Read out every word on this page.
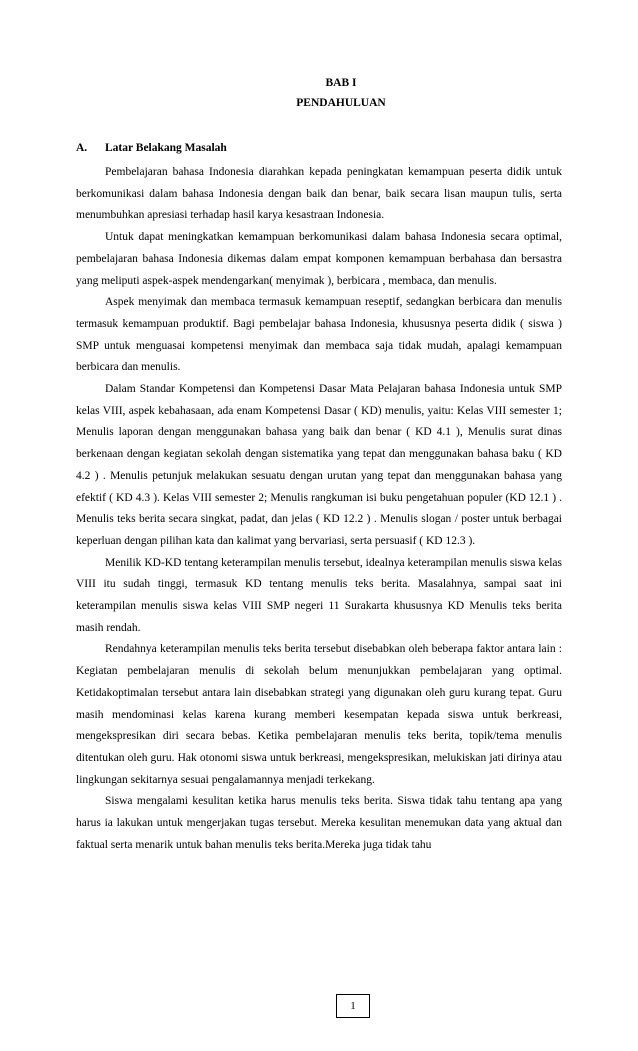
BAB I
PENDAHULUAN
A. Latar Belakang Masalah

Pembelajaran bahasa Indonesia diarahkan kepada peningkatan kemampuan peserta didik untuk berkomunikasi dalam bahasa Indonesia dengan baik dan benar, baik secara lisan maupun tulis, serta menumbuhkan apresiasi terhadap hasil karya kesastraan Indonesia.

Untuk dapat meningkatkan kemampuan berkomunikasi dalam bahasa Indonesia secara optimal, pembelajaran bahasa Indonesia dikemas dalam empat komponen kemampuan berbahasa dan bersastra yang meliputi aspek-aspek mendengarkan( menyimak ), berbicara , membaca, dan menulis.

Aspek menyimak dan membaca termasuk kemampuan reseptif, sedangkan berbicara dan menulis termasuk kemampuan produktif. Bagi pembelajar bahasa Indonesia, khususnya peserta didik ( siswa ) SMP untuk menguasai kompetensi menyimak dan membaca saja tidak mudah, apalagi kemampuan berbicara dan menulis.

Dalam Standar Kompetensi dan Kompetensi Dasar Mata Pelajaran bahasa Indonesia untuk SMP kelas VIII, aspek kebahasaan, ada enam Kompetensi Dasar ( KD) menulis, yaitu: Kelas VIII semester 1; Menulis laporan dengan menggunakan bahasa yang baik dan benar ( KD 4.1 ), Menulis surat dinas berkenaan dengan kegiatan sekolah dengan sistematika yang tepat dan menggunakan bahasa baku ( KD 4.2 ) . Menulis petunjuk melakukan sesuatu dengan urutan yang tepat dan menggunakan bahasa yang efektif ( KD 4.3 ). Kelas VIII semester 2; Menulis rangkuman isi buku pengetahuan populer (KD 12.1 ) . Menulis teks berita secara singkat, padat, dan jelas ( KD 12.2 ) . Menulis slogan / poster untuk berbagai keperluan dengan pilihan kata dan kalimat yang bervariasi, serta persuasif ( KD 12.3 ).

Menilik KD-KD tentang keterampilan menulis tersebut, idealnya keterampilan menulis siswa kelas VIII itu sudah tinggi, termasuk KD tentang menulis teks berita. Masalahnya, sampai saat ini keterampilan menulis siswa kelas VIII SMP negeri 11 Surakarta khususnya KD Menulis teks berita masih rendah.

Rendahnya keterampilan menulis teks berita tersebut disebabkan oleh beberapa faktor antara lain : Kegiatan pembelajaran menulis di sekolah belum menunjukkan pembelajaran yang optimal. Ketidakoptimalan tersebut antara lain disebabkan strategi yang digunakan oleh guru kurang tepat. Guru masih mendominasi kelas karena kurang memberi kesempatan kepada siswa untuk berkreasi, mengekspresikan diri secara bebas. Ketika pembelajaran menulis teks berita, topik/tema menulis ditentukan oleh guru. Hak otonomi siswa untuk berkreasi, mengekspresikan, melukiskan jati dirinya atau lingkungan sekitarnya sesuai pengalamannya menjadi terkekang.

Siswa mengalami kesulitan ketika harus menulis teks berita. Siswa tidak tahu tentang apa yang harus ia lakukan untuk mengerjakan tugas tersebut. Mereka kesulitan menemukan data yang aktual dan faktual serta menarik untuk bahan menulis teks berita.Mereka juga tidak tahu

1
